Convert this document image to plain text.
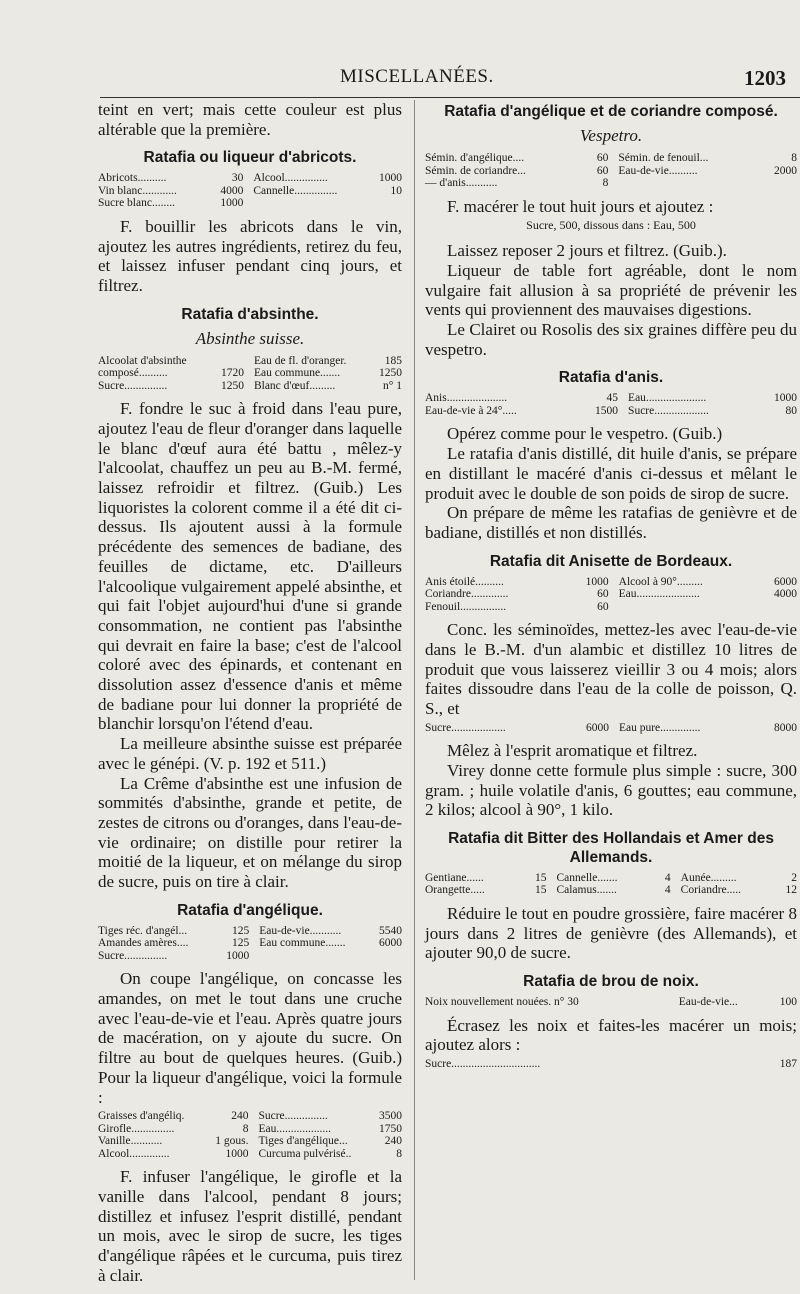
MISCELLANÉES.	1203

teint en vert; mais cette couleur est plus altérable que la première.

Ratafia ou liqueur d'abricots.
Abricots..........	30	Alcool...............	1000
Vin blanc............	4000	Cannelle...............	10
Sucre blanc........	1000		

F. bouillir les abricots dans le vin, ajoutez les autres ingrédients, retirez du feu, et laissez infuser pendant cinq jours, et filtrez.

Ratafia d'absinthe.
Absinthe suisse.
Alcoolat d'absinthe		Eau de fl. d'oranger.	185
composé..........	1720	Eau commune.......	1250
Sucre...............	1250	Blanc d'œuf.........	n° 1

F. fondre le suc à froid dans l'eau pure, ajoutez l'eau de fleur d'oranger dans laquelle le blanc d'œuf aura été battu , mêlez-y l'alcoolat, chauffez un peu au B.-M. fermé, laissez refroidir et filtrez. (Guib.) Les liquoristes la colorent comme il a été dit ci-dessus. Ils ajoutent aussi à la formule précédente des semences de badiane, des feuilles de dictame, etc. D'ailleurs l'alcoolique vulgairement appelé absinthe, et qui fait l'objet aujourd'hui d'une si grande consommation, ne contient pas l'absinthe qui devrait en faire la base; c'est de l'alcool coloré avec des épinards, et contenant en dissolution assez d'essence d'anis et même de badiane pour lui donner la propriété de blanchir lorsqu'on l'étend d'eau.

La meilleure absinthe suisse est préparée avec le génépi. (V. p. 192 et 511.)

La Crême d'absinthe est une infusion de sommités d'absinthe, grande et petite, de zestes de citrons ou d'oranges, dans l'eau-de-vie ordinaire; on distille pour retirer la moitié de la liqueur, et on mélange du sirop de sucre, puis on tire à clair.

Ratafia d'angélique.
Tiges réc. d'angél...	125	Eau-de-vie...........	5540
Amandes amères....	125	Eau commune.......	6000
Sucre...............	1000		

On coupe l'angélique, on concasse les amandes, on met le tout dans une cruche avec l'eau-de-vie et l'eau. Après quatre jours de macération, on y ajoute du sucre. On filtre au bout de quelques heures. (Guib.) Pour la liqueur d'angélique, voici la formule :

Graisses d'angéliq.	240	Sucre...............	3500
Girofle...............	8	Eau...................	1750
Vanille...........	1 gous.	Tiges d'angélique...	240
Alcool..............	1000	Curcuma pulvérisé..	8

F. infuser l'angélique, le girofle et la vanille dans l'alcool, pendant 8 jours; distillez et infusez l'esprit distillé, pendant un mois, avec le sirop de sucre, les tiges d'angélique râpées et le curcuma, puis tirez à clair.

Ratafia d'angélique et de coriandre composé.
Vespetro.
Sémin. d'angélique....	60	Sémin. de fenouil...	8
Sémin. de coriandre...	60	Eau-de-vie..........	2000
— d'anis...........	8		

F. macérer le tout huit jours et ajoutez :

Sucre, 500, dissous dans : Eau, 500

Laissez reposer 2 jours et filtrez. (Guib.).

Liqueur de table fort agréable, dont le nom vulgaire fait allusion à sa propriété de prévenir les vents qui proviennent des mauvaises digestions.

Le Clairet ou Rosolis des six graines diffère peu du vespetro.

Ratafia d'anis.
Anis.....................	45	Eau.....................	1000
Eau-de-vie à 24°.....	1500	Sucre...................	80

Opérez comme pour le vespetro. (Guib.)

Le ratafia d'anis distillé, dit huile d'anis, se prépare en distillant le macéré d'anis ci-dessus et mêlant le produit avec le double de son poids de sirop de sucre.

On prépare de même les ratafias de genièvre et de badiane, distillés et non distillés.

Ratafia dit Anisette de Bordeaux.
Anis étoilé..........	1000	Alcool à 90°.........	6000
Coriandre.............	60	Eau......................	4000
Fenouil................	60		

Conc. les séminoïdes, mettez-les avec l'eau-de-vie dans le B.-M. d'un alambic et distillez 10 litres de produit que vous laisserez vieillir 3 ou 4 mois; alors faites dissoudre dans l'eau de la colle de poisson, Q. S., et

Sucre...................	6000	Eau pure..............	8000

Mêlez à l'esprit aromatique et filtrez.

Virey donne cette formule plus simple : sucre, 300 gram. ; huile volatile d'anis, 6 gouttes; eau commune, 2 kilos; alcool à 90°, 1 kilo.

Ratafia dit Bitter des Hollandais et Amer des Allemands.
Gentiane......	15	Cannelle.......	4	Aunée.........	2
Orangette.....	15	Calamus.......	4	Coriandre.....	12

Réduire le tout en poudre grossière, faire macérer 8 jours dans 2 litres de genièvre (des Allemands), et ajouter 90,0 de sucre.

Ratafia de brou de noix.
Noix nouvellement nouées. n° 30		Eau-de-vie...	100

Écrasez les noix et faites-les macérer un mois; ajoutez alors :

Sucre...............................	187
